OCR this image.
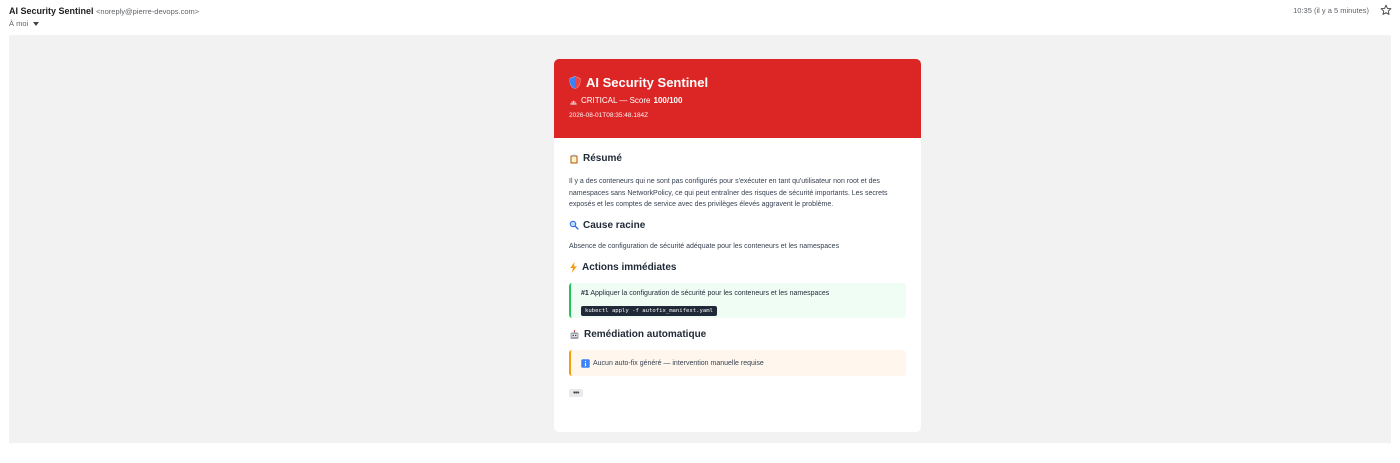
AI Security Sentinel <noreply@pierre-devops.com>
À moi
10:35 (il y a 5 minutes)
AI Security Sentinel
CRITICAL — Score 100/100
2026-08-01T08:35:48.184Z
Résumé

Il y a des conteneurs qui ne sont pas configurés pour s'exécuter en tant qu'utilisateur non root et des namespaces sans NetworkPolicy, ce qui peut entraîner des risques de sécurité importants. Les secrets exposés et les comptes de service avec des privilèges élevés aggravent le problème.

Cause racine

Absence de configuration de sécurité adéquate pour les conteneurs et les namespaces

Actions immédiates
#1 Appliquer la configuration de sécurité pour les conteneurs et les namespaces
kubectl apply -f autofix_manifest.yaml
Remédiation automatique
Aucun auto-fix généré — intervention manuelle requise
•••
